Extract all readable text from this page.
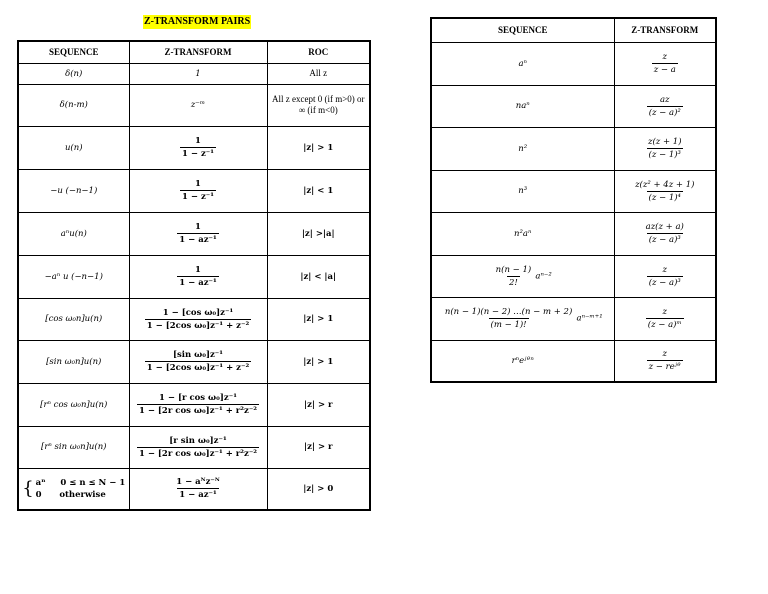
Z-TRANSFORM PAIRS
SEQUENCE	Z-TRANSFORM	ROC
δ(n)	1	All z
δ(n-m)	z⁻ᵐ	All z except 0 (if m>0) or ∞ (if m<0)
u(n)	$\frac{1}{\text{1 − z⁻¹}}$	|z| > 1
−u (−n−1)	$\frac{1}{\text{1 − z⁻¹}}$	|z| < 1
aⁿu(n)	$\frac{1}{\text{1 − az⁻¹}}$	|z| >|a|
−aⁿ u (−n−1)	$\frac{1}{\text{1 − az⁻¹}}$	|z| < |a|
[cos ω₀n]u(n)	$\frac{\text{1 − [cos ω₀]z⁻¹}}{\text{1 − [2cos ω₀]z⁻¹ + z⁻²}}$	|z| > 1
[sin ω₀n]u(n)	$\frac{\text{[sin ω₀]z⁻¹}}{\text{1 − [2cos ω₀]z⁻¹ + z⁻²}}$	|z| > 1
[rⁿ cos ω₀n]u(n)	$\frac{\text{1 − [r cos ω₀]z⁻¹}}{\text{1 − [2r cos ω₀]z⁻¹ + r²z⁻²}}$	|z| > r
[rⁿ sin ω₀n]u(n)	$\frac{\text{[r sin ω₀]z⁻¹}}{\text{1 − [2r cos ω₀]z⁻¹ + r²z⁻²}}$	|z| > r

{ aⁿ     0 ≤ n ≤ N − 1
0      otherwise	$\frac{\text{1 − aᴺz⁻ᴺ}}{\text{1 − az⁻¹}}$	|z| > 0
SEQUENCE	Z-TRANSFORM
aⁿ	$\frac{z}{z - a}$

naⁿ	$\frac{az}{\text{(z − a)²}}$

n²	$\frac{z(z + 1)}{\text{(z − 1)³}}$

n³	$\frac{\text{z(z² + 4z + 1)}}{\text{(z − 1)⁴}}$

n²aⁿ	$\frac{az(z + a)}{\text{(z − a)³}}$

$\frac{n(n - 1)}{2!} a^{n-2}$	$\frac{z}{\text{(z − a)³}}$

$\frac{n(n - 1)(n - 2) \dots(n - m + 2)}{(m - 1)!}$ aⁿ⁻ᵐ⁺¹	$\frac{z}{\text{(z − a)ᵐ}}$

rⁿeʲᶿⁿ	$\frac{z}{\text{z − reʲᶿ}}$
